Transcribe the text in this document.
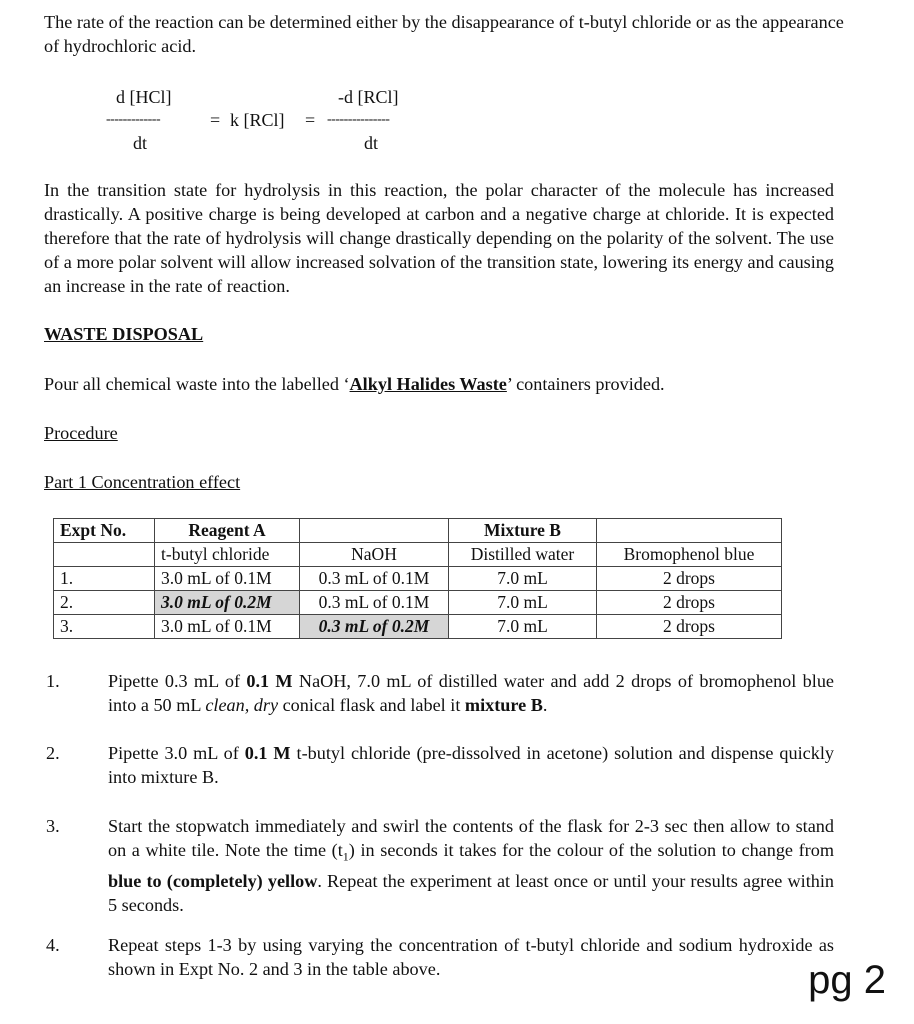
The rate of the reaction can be determined either by the disappearance of t-butyl chloride or as the appearance of hydrochloric acid.
d [HCl]
-------------
dt
= k [RCl] =
-d [RCl]
---------------
dt
In the transition state for hydrolysis in this reaction, the polar character of the molecule has increased drastically. A positive charge is being developed at carbon and a negative charge at chloride. It is expected therefore that the rate of hydrolysis will change drastically depending on the polarity of the solvent. The use of a more polar solvent will allow increased solvation of the transition state, lowering its energy and causing an increase in the rate of reaction.
WASTE DISPOSAL
Pour all chemical waste into the labelled ‘Alkyl Halides Waste’ containers provided.
Procedure
Part 1 Concentration effect
Expt No.	Reagent A		Mixture B	
	t-butyl chloride	NaOH	Distilled water	Bromophenol blue
1.	3.0 mL of 0.1M	0.3 mL of 0.1M	7.0 mL	2 drops
2.	3.0 mL of 0.2M	0.3 mL of 0.1M	7.0 mL	2 drops
3.	3.0 mL of 0.1M	0.3 mL of 0.2M	7.0 mL	2 drops
1.	Pipette 0.3 mL of 0.1 M NaOH, 7.0 mL of distilled water and add 2 drops of bromophenol blue into a 50 mL clean, dry conical flask and label it mixture B.
2.	Pipette 3.0 mL of 0.1 M t-butyl chloride (pre-dissolved in acetone) solution and dispense quickly into mixture B.
3.	Start the stopwatch immediately and swirl the contents of the flask for 2-3 sec then allow to stand on a white tile. Note the time $(t_1)$ in seconds it takes for the colour of the solution to change from blue to (completely) yellow. Repeat the experiment at least once or until your results agree within 5 seconds.
4.	Repeat steps 1-3 by using varying the concentration of t-butyl chloride and sodium hydroxide as shown in Expt No. 2 and 3 in the table above.	pg 2
